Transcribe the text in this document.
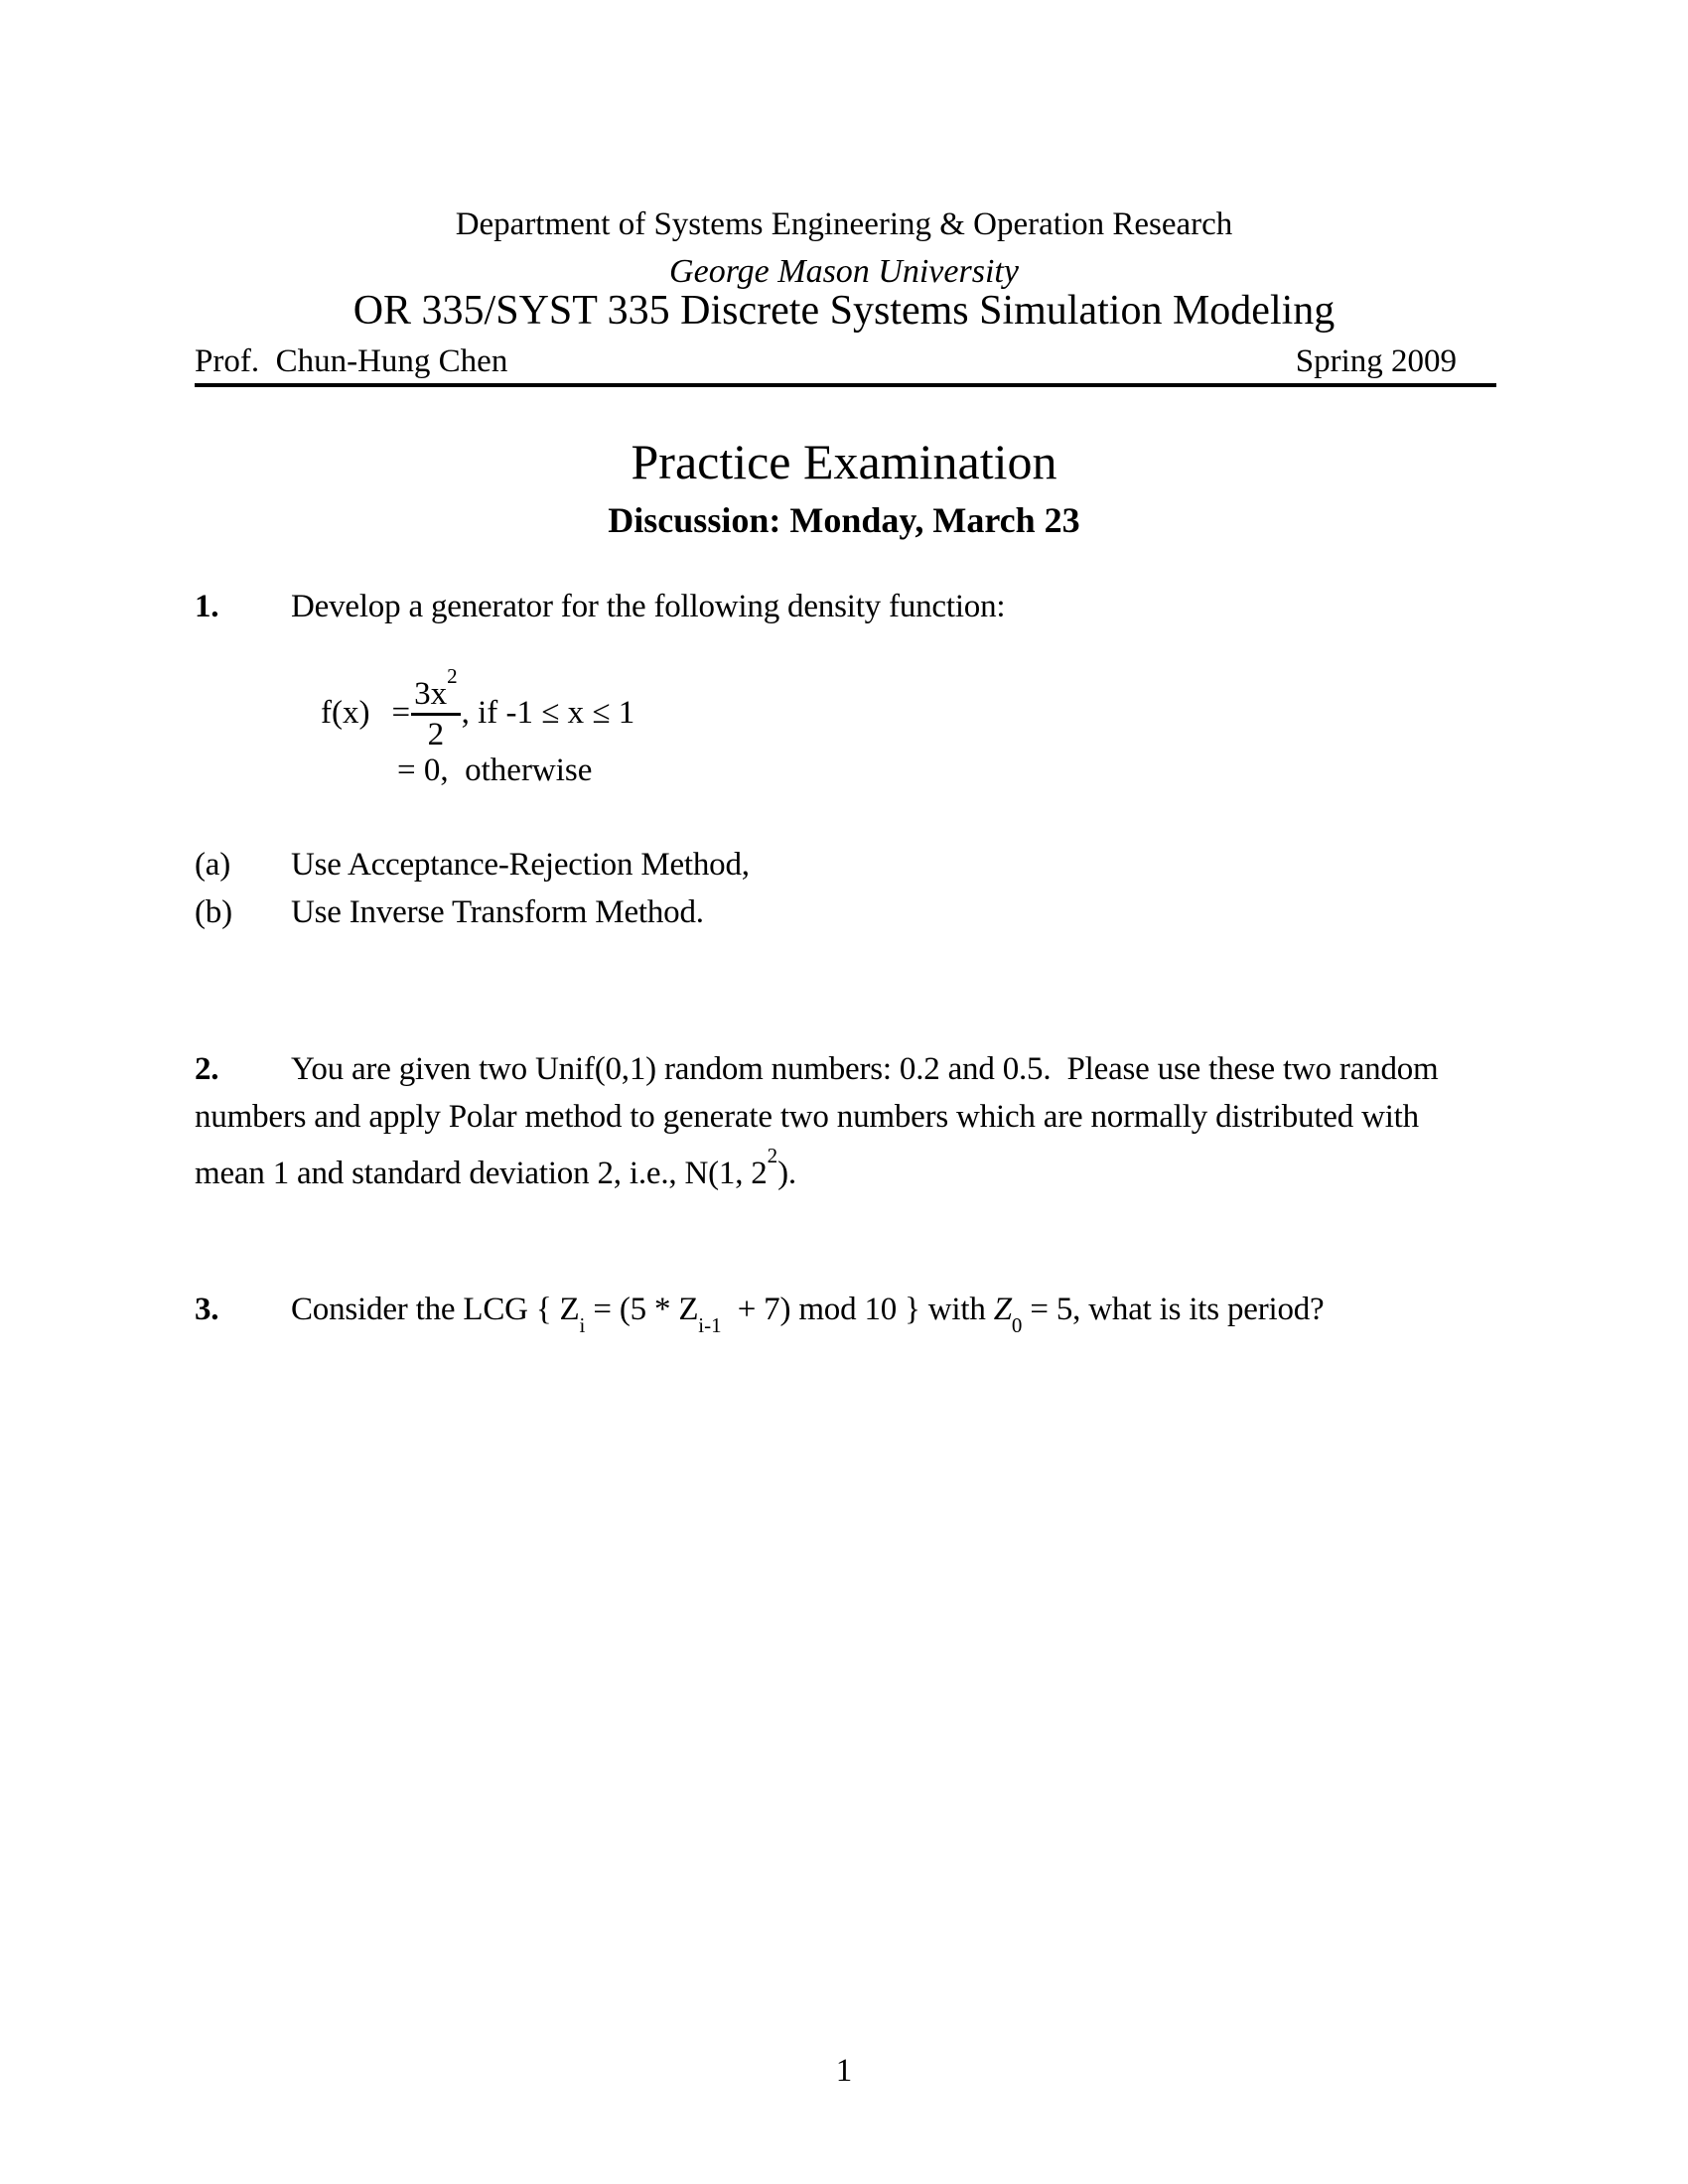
Department of Systems Engineering & Operation Research
George Mason University
OR 335/SYST 335 Discrete Systems Simulation Modeling
Spring 2009
Prof.  Chun-Hung Chen
Practice Examination
Discussion: Monday, March 23
1. Develop a generator for the following density function:
$f(x) = \frac{3x^2}{2}$ , if -1 ≤ x ≤ 1
= 0,  otherwise
(a) Use Acceptance-Rejection Method,
(b) Use Inverse Transform Method.
2. You are given two Unif(0,1) random numbers: 0.2 and 0.5.  Please use these two random
numbers and apply Polar method to generate two numbers which are normally distributed with
mean 1 and standard deviation 2, i.e., N(1, $2^2$).
3. Consider the LCG { $Z_i = (5 * Z_{i-1} + 7)$ mod 10 } with $Z_0 = 5$, what is its period?
1
